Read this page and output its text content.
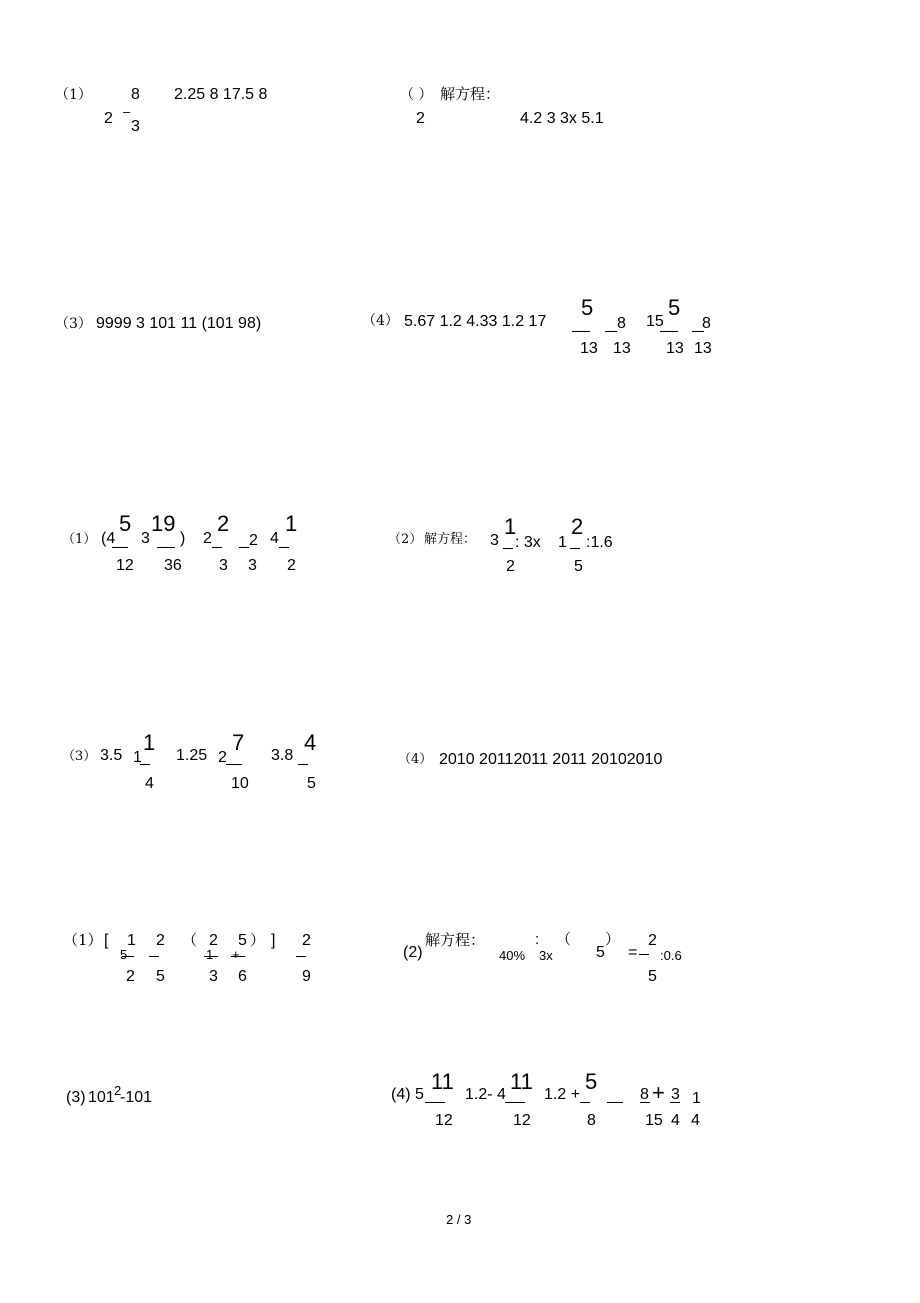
（1） 8
2 –
3
2.25 8 17.5 8	（ ） 解方程：
2	4.2 3 3x 5.1
（3） 9999 3 101 11 (101 98)	（4） 5.67 1.2 4.33 1.2 17
5
13
8
13
15
5
13
8
13
（1） (4
5
12
3
19
36
) 2
2
3
2
3
4
1
2
（2） 解方程： 3
1
2
: 3x 1
2
5
:1.6
（3） 3.5 1
1
4
1.25 2
7
10
3.8
4
5
（4） 2010 20112011 2011 20102010
（1） [ 1
5
2
2
5
（ 2
1
3
5
+
6
） ] 2
9
(2)
解方程：
40%
:
3x
（
5
）
=
2
5
:0.6
(3) 101 2
-101	(4) 5
11
12
1.2- 4
11
12
1.2 +
5
8
8
15
+ 3
4
1
4
2 / 3
